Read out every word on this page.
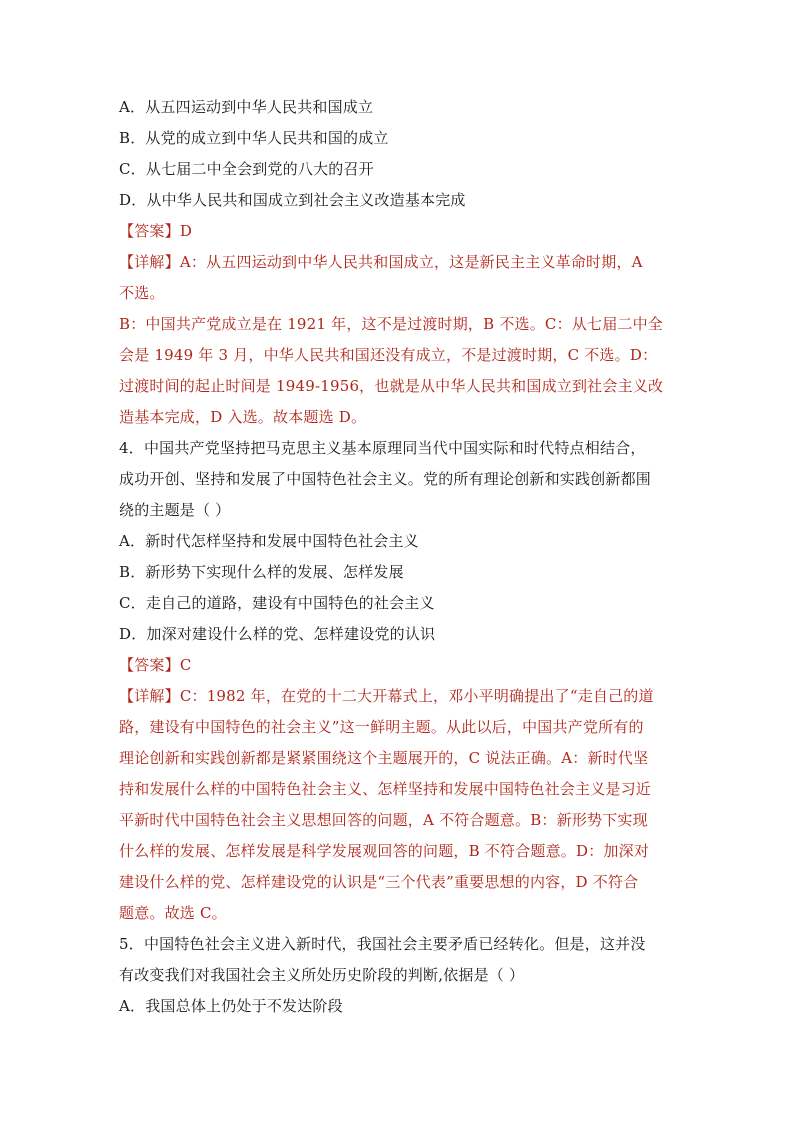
A．从五四运动到中华人民共和国成立
B．从党的成立到中华人民共和国的成立
C．从七届二中全会到党的八大的召开
D．从中华人民共和国成立到社会主义改造基本完成
【答案】D
【详解】A：从五四运动到中华人民共和国成立，这是新民主主义革命时期，A
不选。
B：中国共产党成立是在 1921 年，这不是过渡时期，B 不选。C：从七届二中全
会是 1949 年 3 月，中华人民共和国还没有成立，不是过渡时期，C 不选。D：
过渡时间的起止时间是 1949-1956，也就是从中华人民共和国成立到社会主义改
造基本完成，D 入选。故本题选 D。
4．中国共产党坚持把马克思主义基本原理同当代中国实际和时代特点相结合，
成功开创、坚持和发展了中国特色社会主义。党的所有理论创新和实践创新都围
绕的主题是（ ）
A．新时代怎样坚持和发展中国特色社会主义
B．新形势下实现什么样的发展、怎样发展
C．走自己的道路，建设有中国特色的社会主义
D．加深对建设什么样的党、怎样建设党的认识
【答案】C
【详解】C：1982 年，在党的十二大开幕式上，邓小平明确提出了“走自己的道
路，建设有中国特色的社会主义”这一鲜明主题。从此以后，中国共产党所有的
理论创新和实践创新都是紧紧围绕这个主题展开的，C 说法正确。A：新时代坚
持和发展什么样的中国特色社会主义、怎样坚持和发展中国特色社会主义是习近
平新时代中国特色社会主义思想回答的问题，A 不符合题意。B：新形势下实现
什么样的发展、怎样发展是科学发展观回答的问题，B 不符合题意。D：加深对
建设什么样的党、怎样建设党的认识是“三个代表”重要思想的内容，D 不符合
题意。故选 C。
5．中国特色社会主义进入新时代，我国社会主要矛盾已经转化。但是，这并没
有改变我们对我国社会主义所处历史阶段的判断,依据是（ ）
A．我国总体上仍处于不发达阶段
